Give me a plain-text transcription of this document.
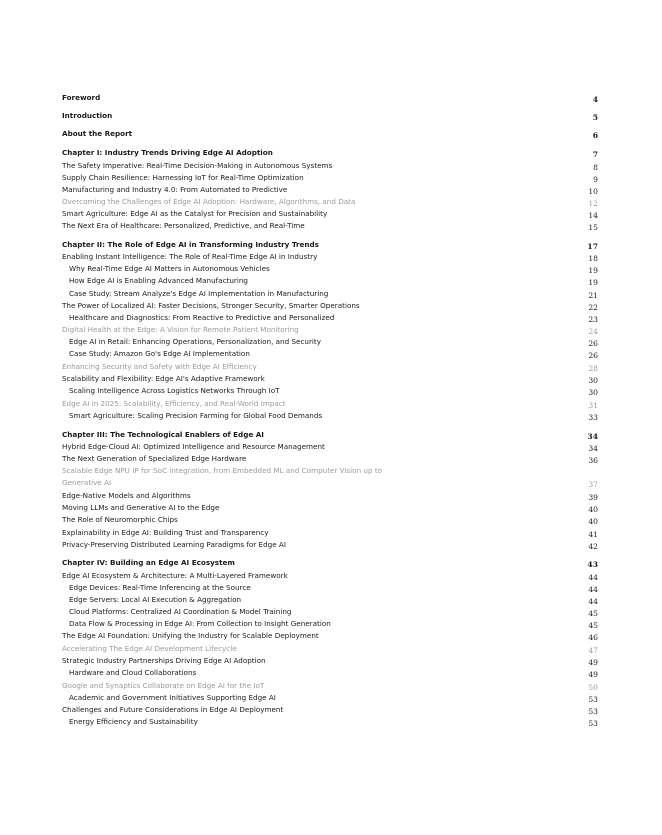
Foreword	4
Introduction	5
About the Report	6
Chapter I: Industry Trends Driving Edge AI Adoption	7
The Safety Imperative: Real-Time Decision-Making in Autonomous Systems	8
Supply Chain Resilience: Harnessing IoT for Real-Time Optimization	9
Manufacturing and Industry 4.0: From Automated to Predictive	10
Overcoming the Challenges of Edge AI Adoption: Hardware, Algorithms, and Data	12
Smart Agriculture: Edge AI as the Catalyst for Precision and Sustainability	14
The Next Era of Healthcare: Personalized, Predictive, and Real-Time	15
Chapter II: The Role of Edge AI in Transforming Industry Trends	17
Enabling Instant Intelligence: The Role of Real-Time Edge AI in Industry	18
Why Real-Time Edge AI Matters in Autonomous Vehicles	19
How Edge AI is Enabling Advanced Manufacturing	19
Case Study: Stream Analyze's Edge AI Implementation in Manufacturing	21
The Power of Localized AI: Faster Decisions, Stronger Security, Smarter Operations	22
Healthcare and Diagnostics: From Reactive to Predictive and Personalized	23
Digital Health at the Edge: A Vision for Remote Patient Monitoring	24
Edge AI in Retail: Enhancing Operations, Personalization, and Security	26
Case Study: Amazon Go's Edge AI Implementation	26
Enhancing Security and Safety with Edge AI Efficiency	28
Scalability and Flexibility: Edge AI's Adaptive Framework	30
Scaling Intelligence Across Logistics Networks Through IoT	30
Edge AI in 2025: Scalability, Efficiency, and Real-World Impact	31
Smart Agriculture: Scaling Precision Farming for Global Food Demands	33
Chapter III: The Technological Enablers of Edge AI	34
Hybrid Edge-Cloud AI: Optimized Intelligence and Resource Management	34
The Next Generation of Specialized Edge Hardware	36
Scalable Edge NPU IP for SoC integration, from Embedded ML and Computer Vision up to
Generative AI	37
Edge-Native Models and Algorithms	39
Moving LLMs and Generative AI to the Edge	40
The Role of Neuromorphic Chips	40
Explainability in Edge AI: Building Trust and Transparency	41
Privacy-Preserving Distributed Learning Paradigms for Edge AI	42
Chapter IV: Building an Edge AI Ecosystem	43
Edge AI Ecosystem & Architecture: A Multi-Layered Framework	44
Edge Devices: Real-Time Inferencing at the Source	44
Edge Servers: Local AI Execution & Aggregation	44
Cloud Platforms: Centralized AI Coordination & Model Training	45
Data Flow & Processing in Edge AI: From Collection to Insight Generation	45
The Edge AI Foundation: Unifying the Industry for Scalable Deployment	46
Accelerating The Edge AI Development Lifecycle	47
Strategic Industry Partnerships Driving Edge AI Adoption	49
Hardware and Cloud Collaborations	49
Google and Synaptics Collaborate on Edge AI for the IoT	50
Academic and Government Initiatives Supporting Edge AI	53
Challenges and Future Considerations in Edge AI Deployment	53
Energy Efficiency and Sustainability	53
